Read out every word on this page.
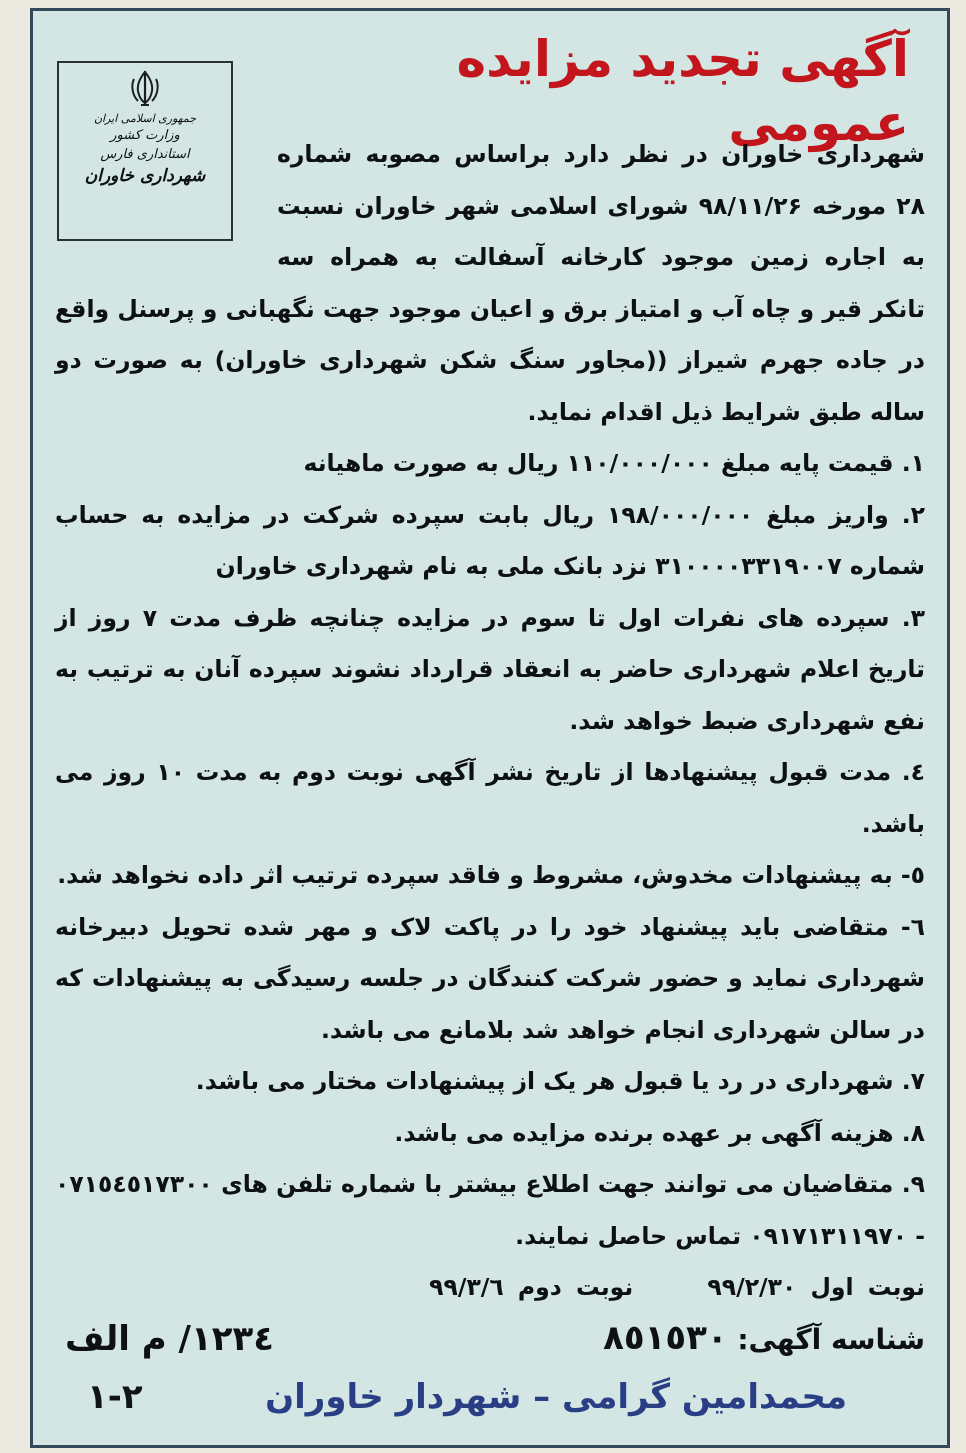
جمهوری اسلامی ایران
وزارت کشور
استانداری فارس
شهرداری خاوران
آگهی تجدید مزایده عمومی

شهرداری خاوران در نظر دارد براساس مصوبه شماره ۲۸ مورخه ۹۸/۱۱/۲۶ شورای اسلامی شهر خاوران نسبت به اجاره زمین موجود کارخانه آسفالت به همراه سه تانکر قیر و چاه آب و امتیاز برق و اعیان موجود جهت نگهبانی و پرسنل واقع در جاده جهرم شیراز ((مجاور سنگ شکن شهرداری خاوران) به صورت دو ساله طبق شرایط ذیل اقدام نماید.

۱. قیمت پایه مبلغ ۱۱۰/۰۰۰/۰۰۰ ریال به صورت ماهیانه

۲. واریز مبلغ ۱۹۸/۰۰۰/۰۰۰ ریال بابت سپرده شرکت در مزایده به حساب شماره ۳۱۰۰۰۰۳۳۱۹۰۰۷ نزد بانک ملی به نام شهرداری خاوران

۳. سپرده های نفرات اول تا سوم در مزایده چنانچه ظرف مدت ۷ روز از تاریخ اعلام شهرداری حاضر به انعقاد قرارداد نشوند سپرده آنان به ترتیب به نفع شهرداری ضبط خواهد شد.

٤. مدت قبول پیشنهادها از تاریخ نشر آگهی نوبت دوم به مدت ۱۰ روز می باشد.

٥- به پیشنهادات مخدوش، مشروط و فاقد سپرده ترتیب اثر داده نخواهد شد.

٦- متقاضی باید پیشنهاد خود را در پاکت لاک و مهر شده تحویل دبیرخانه شهرداری نماید و حضور شرکت کنندگان در جلسه رسیدگی به پیشنهادات که در سالن شهرداری انجام خواهد شد بلامانع می باشد.

۷. شهرداری در رد یا قبول هر یک از پیشنهادات مختار می باشد.

۸. هزینه آگهی بر عهده برنده مزایده می باشد.

۹. متقاضیان می توانند جهت اطلاع بیشتر با شماره تلفن های ۰۷۱٥٤٥۱۷۳۰۰ - ۰۹۱۷۱۳۱۱۹۷۰ تماس حاصل نمایند.

نوبت اول ۹۹/۲/۳۰ نوبت دوم ۹۹/۳/٦

شناسه آگهی: ۸٥۱٥۳۰
۱۲۳٤/ م الف
محمدامین گرامی – شهردار خاوران
۱-۲
